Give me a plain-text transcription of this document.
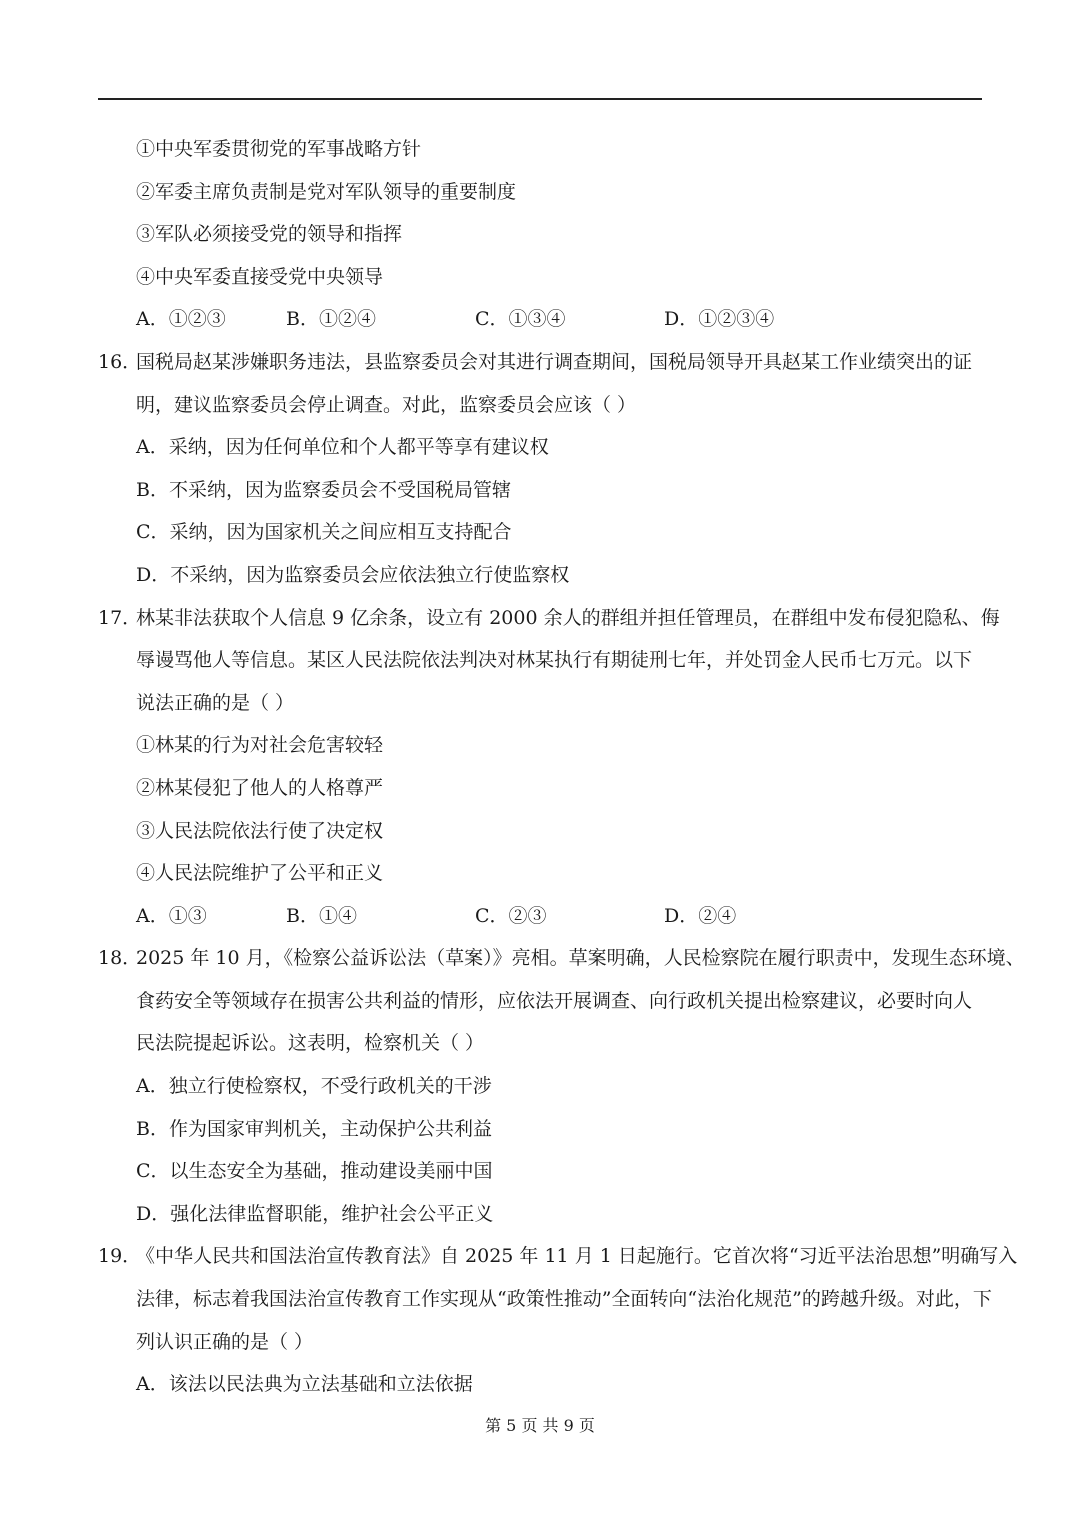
①中央军委贯彻党的军事战略方针
②军委主席负责制是党对军队领导的重要制度
③军队必须接受党的领导和指挥
④中央军委直接受党中央领导
A．①②③	B．①②④	C．①③④	D．①②③④
16．
国税局赵某涉嫌职务违法，县监察委员会对其进行调查期间，国税局领导开具赵某工作业绩突出的证
明，建议监察委员会停止调查。对此，监察委员会应该（ ）
A．采纳，因为任何单位和个人都平等享有建议权
B．不采纳，因为监察委员会不受国税局管辖
C．采纳，因为国家机关之间应相互支持配合
D．不采纳，因为监察委员会应依法独立行使监察权
17．
林某非法获取个人信息 9 亿余条，设立有 2000 余人的群组并担任管理员，在群组中发布侵犯隐私、侮
辱谩骂他人等信息。某区人民法院依法判决对林某执行有期徒刑七年，并处罚金人民币七万元。以下
说法正确的是（ ）
①林某的行为对社会危害较轻
②林某侵犯了他人的人格尊严
③人民法院依法行使了决定权
④人民法院维护了公平和正义
A．①③	B．①④	C．②③	D．②④
18．
2025 年 10 月，《检察公益诉讼法（草案）》亮相。草案明确，人民检察院在履行职责中，发现生态环境、
食药安全等领域存在损害公共利益的情形，应依法开展调查、向行政机关提出检察建议，必要时向人
民法院提起诉讼。这表明，检察机关（ ）
A．独立行使检察权，不受行政机关的干涉
B．作为国家审判机关，主动保护公共利益
C．以生态安全为基础，推动建设美丽中国
D．强化法律监督职能，维护社会公平正义
19．
《中华人民共和国法治宣传教育法》自 2025 年 11 月 1 日起施行。它首次将“习近平法治思想”明确写入
法律，标志着我国法治宣传教育工作实现从“政策性推动”全面转向“法治化规范”的跨越升级。对此，下
列认识正确的是（ ）
A．该法以民法典为立法基础和立法依据
第 5 页 共 9 页
